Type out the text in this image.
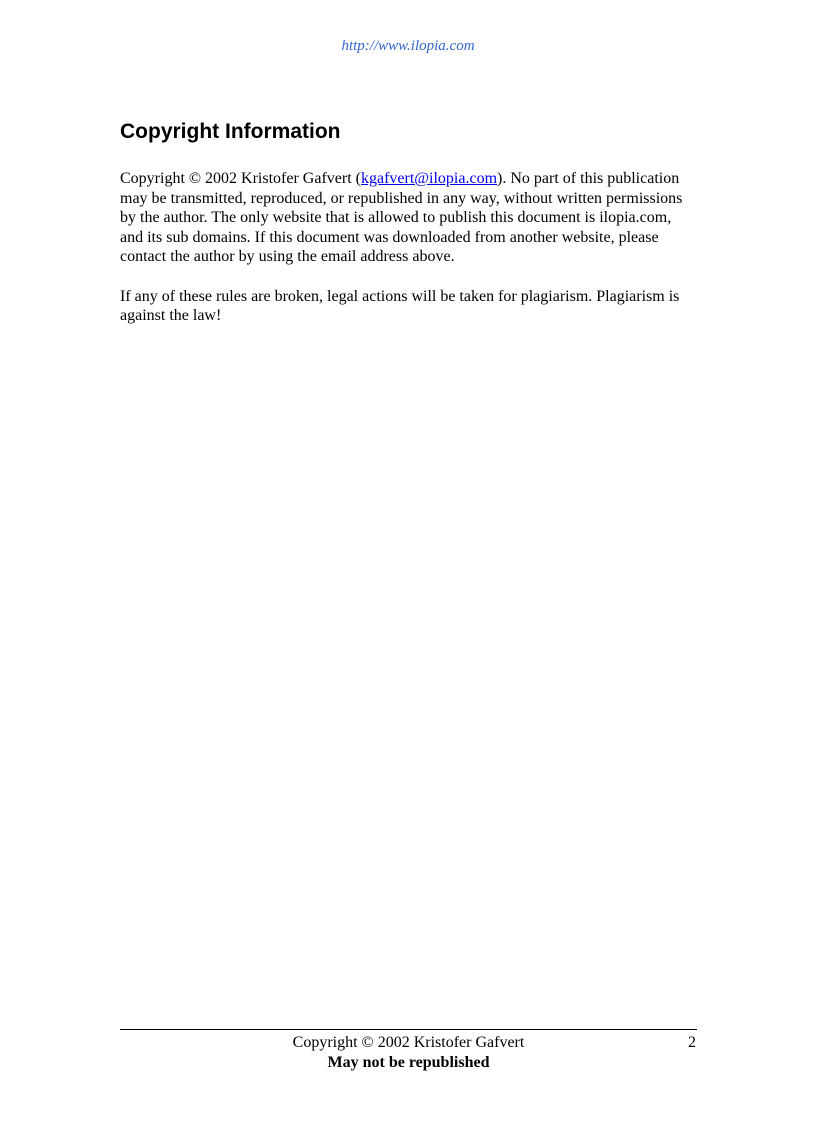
http://www.ilopia.com
Copyright Information

Copyright © 2002 Kristofer Gafvert (kgafvert@ilopia.com). No part of this publication may be transmitted, reproduced, or republished in any way, without written permissions by the author. The only website that is allowed to publish this document is ilopia.com, and its sub domains. If this document was downloaded from another website, please contact the author by using the email address above.

If any of these rules are broken, legal actions will be taken for plagiarism. Plagiarism is against the law!

Copyright © 2002 Kristofer Gafvert
May not be republished
2
